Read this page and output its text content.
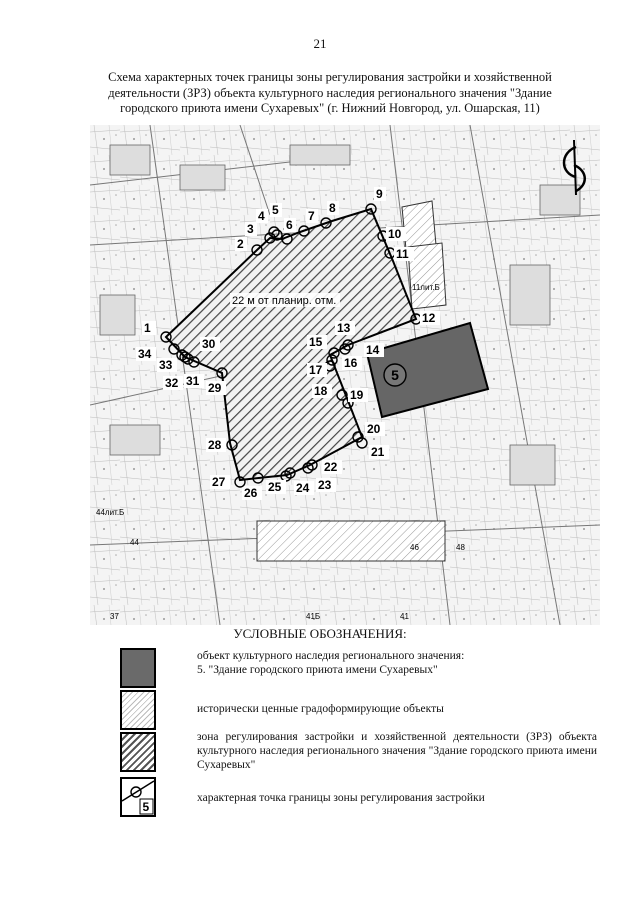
21
Схема характерных точек границы зоны регулирования застройки и хозяйственной
деятельности (ЗРЗ) объекта культурного наследия регионального значения "Здание
городского приюта имени Сухаревых" (г. Нижний Новгород, ул. Ошарская, 11)
5
22 м от планир. отм.
11лит.Б
44лит.Б
44
46	48
37	41Б	41
1
2
3
4 5
6
7
8
9
10
11
12
13
14
15
16
17
18 19
20
21
22
23
24
25
26
27
28
29
30
31
32
33
34
УСЛОВНЫЕ ОБОЗНАЧЕНИЯ:
объект культурного наследия регионального значения:
5. "Здание городского приюта имени Сухаревых"
исторически ценные градоформирующие объекты
зона регулирования застройки и хозяйственной деятельности (ЗРЗ) объекта культурного наследия регионального значения "Здание городского приюта имени Сухаревых"
5
характерная точка границы зоны регулирования застройки
